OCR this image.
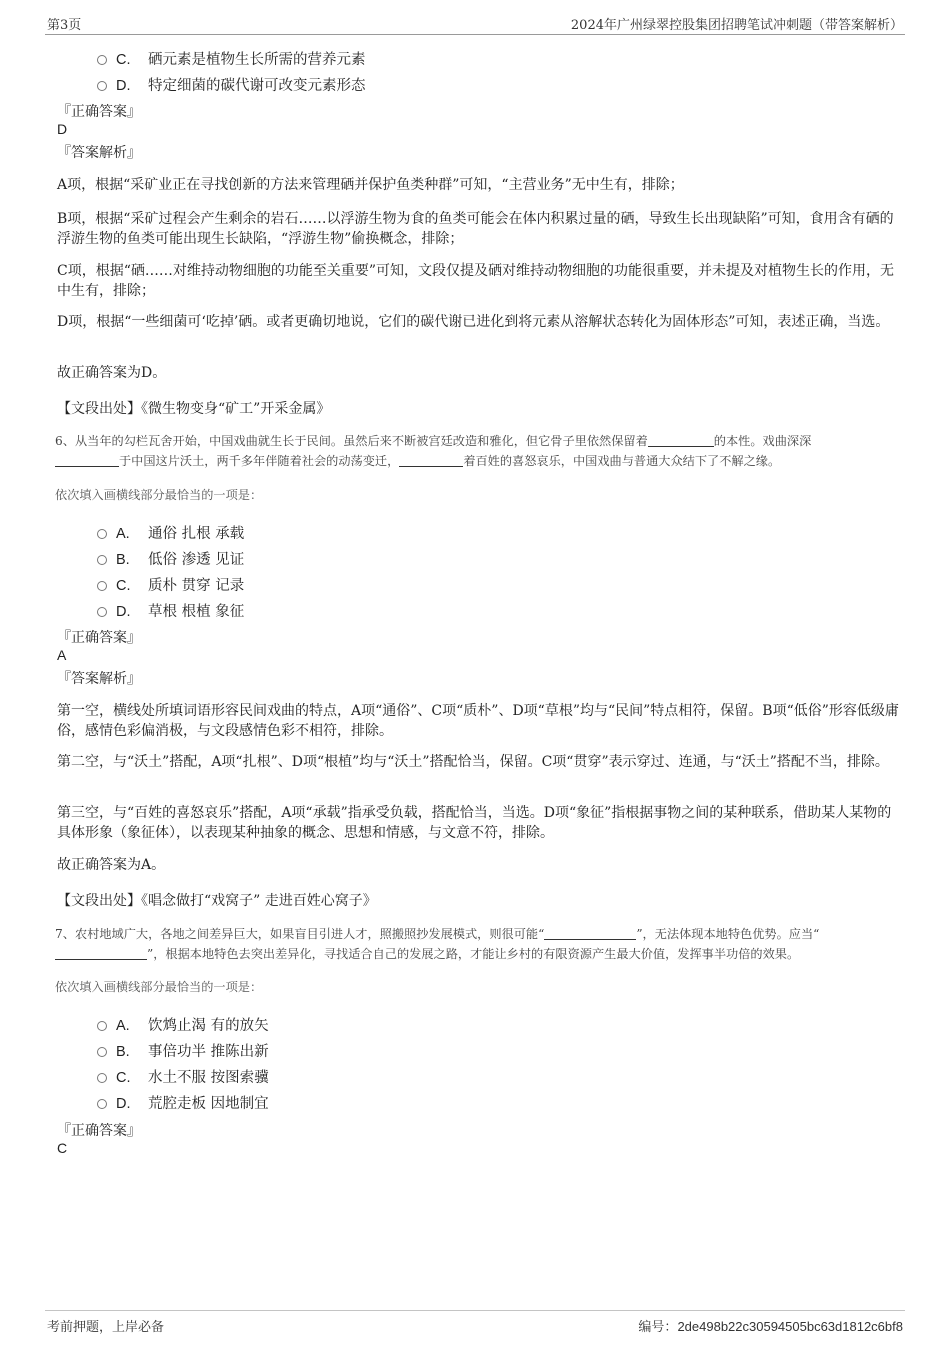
第3页	2024年广州绿翠控股集团招聘笔试冲刺题（带答案解析）
C. 硒元素是植物生长所需的营养元素
D. 特定细菌的碳代谢可改变元素形态
『正确答案』
D
『答案解析』
A项，根据“采矿业正在寻找创新的方法来管理硒并保护鱼类种群”可知，“主营业务”无中生有，排除；
B项，根据“采矿过程会产生剩余的岩石……以浮游生物为食的鱼类可能会在体内积累过量的硒，导致生长出现缺陷”可知，食用含有硒的浮游生物的鱼类可能出现生长缺陷，“浮游生物”偷换概念，排除；
C项，根据“硒……对维持动物细胞的功能至关重要”可知，文段仅提及硒对维持动物细胞的功能很重要，并未提及对植物生长的作用，无中生有，排除；
D项，根据“一些细菌可‘吃掉’硒。或者更确切地说，它们的碳代谢已进化到将元素从溶解状态转化为固体形态”可知，表述正确，当选。
故正确答案为D。
【文段出处】《微生物变身“矿工”开采金属》
6、从当年的勾栏瓦舍开始，中国戏曲就生长于民间。虽然后来不断被宫廷改造和雅化，但它骨子里依然保留着	的本性。戏曲深深
于中国这片沃土，两千多年伴随着社会的动荡变迁，	着百姓的喜怒哀乐，中国戏曲与普通大众结下了不解之缘。
依次填入画横线部分最恰当的一项是：
A. 通俗 扎根 承载
B. 低俗 渗透 见证
C. 质朴 贯穿 记录
D. 草根 根植 象征
『正确答案』
A
『答案解析』
第一空，横线处所填词语形容民间戏曲的特点，A项“通俗”、C项“质朴”、D项“草根”均与“民间”特点相符，保留。B项“低俗”形容低级庸俗，感情色彩偏消极，与文段感情色彩不相符，排除。
第二空，与“沃土”搭配，A项“扎根”、D项“根植”均与“沃土”搭配恰当，保留。C项“贯穿”表示穿过、连通，与“沃土”搭配不当，排除。
第三空，与“百姓的喜怒哀乐”搭配，A项“承载”指承受负载，搭配恰当，当选。D项“象征”指根据事物之间的某种联系，借助某人某物的具体形象（象征体），以表现某种抽象的概念、思想和情感，与文意不符，排除。
故正确答案为A。
【文段出处】《唱念做打“戏窝子” 走进百姓心窝子》
7、农村地域广大，各地之间差异巨大，如果盲目引进人才，照搬照抄发展模式，则很可能“	”，无法体现本地特色优势。应当“
”，根据本地特色去突出差异化，寻找适合自己的发展之路，才能让乡村的有限资源产生最大价值，发挥事半功倍的效果。
依次填入画横线部分最恰当的一项是：
A. 饮鸩止渴 有的放矢
B. 事倍功半 推陈出新
C. 水土不服 按图索骥
D. 荒腔走板 因地制宜
『正确答案』
C
考前押题，上岸必备	编号：2de498b22c30594505bc63d1812c6bf8
